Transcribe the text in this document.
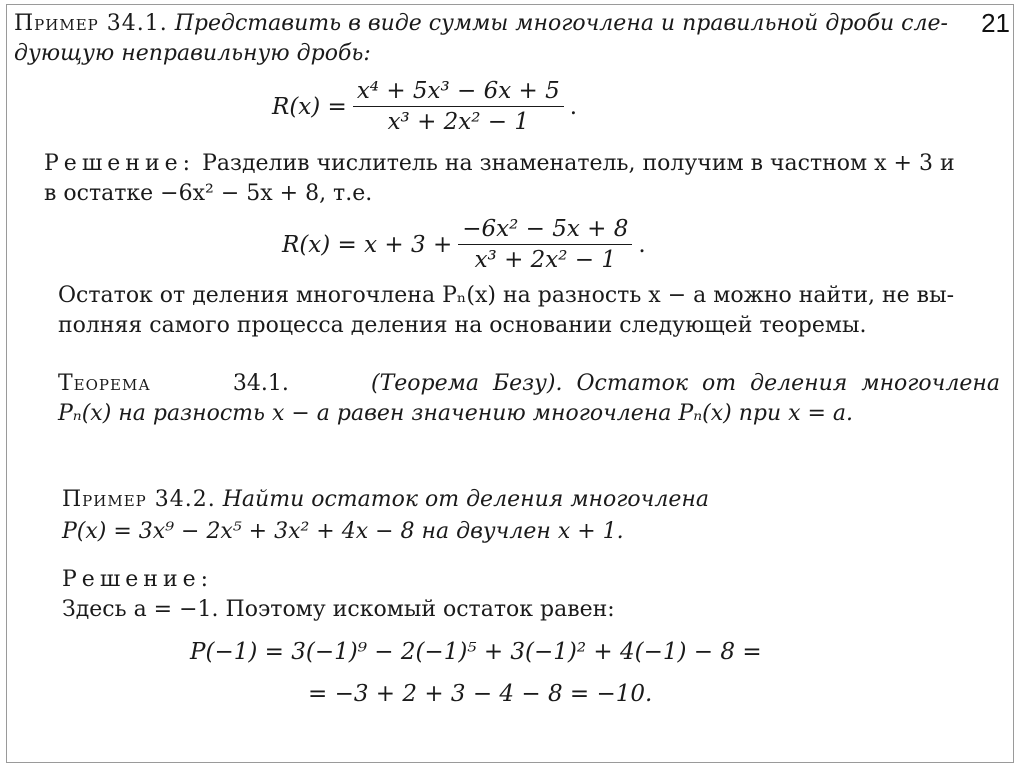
21
Пример 34.1. Представить в виде суммы многочлена и правильной дроби сле-
дующую неправильную дробь:
$R(x) = \frac{\text{x⁴ + 5x³ − 6x + 5}}{\text{x³ + 2x² − 1}}$ .
Решение: Разделив числитель на знаменатель, получим в частном x + 3 и
в остатке −6x² − 5x + 8, т.е.
$R(x) = x + 3 + \frac{\text{−6x² − 5x + 8}}{\text{x³ + 2x² − 1}}$ .
Остаток от деления многочлена Pₙ(x) на разность x − a можно найти, не вы-
полняя самого процесса деления на основании следующей теоремы.
Теорема	34.1.	(Теорема  Безу).  Остаток  от  деления  многочлена
Pₙ(x) на разность x − a равен значению многочлена Pₙ(x) при x = a.
Пример 34.2. Найти остаток от деления многочлена
P(x) = 3x⁹ − 2x⁵ + 3x² + 4x − 8 на двучлен x + 1.
Решение:
Здесь a = −1. Поэтому искомый остаток равен:
P(−1) = 3(−1)⁹ − 2(−1)⁵ + 3(−1)² + 4(−1) − 8 =
= −3 + 2 + 3 − 4 − 8 = −10.
